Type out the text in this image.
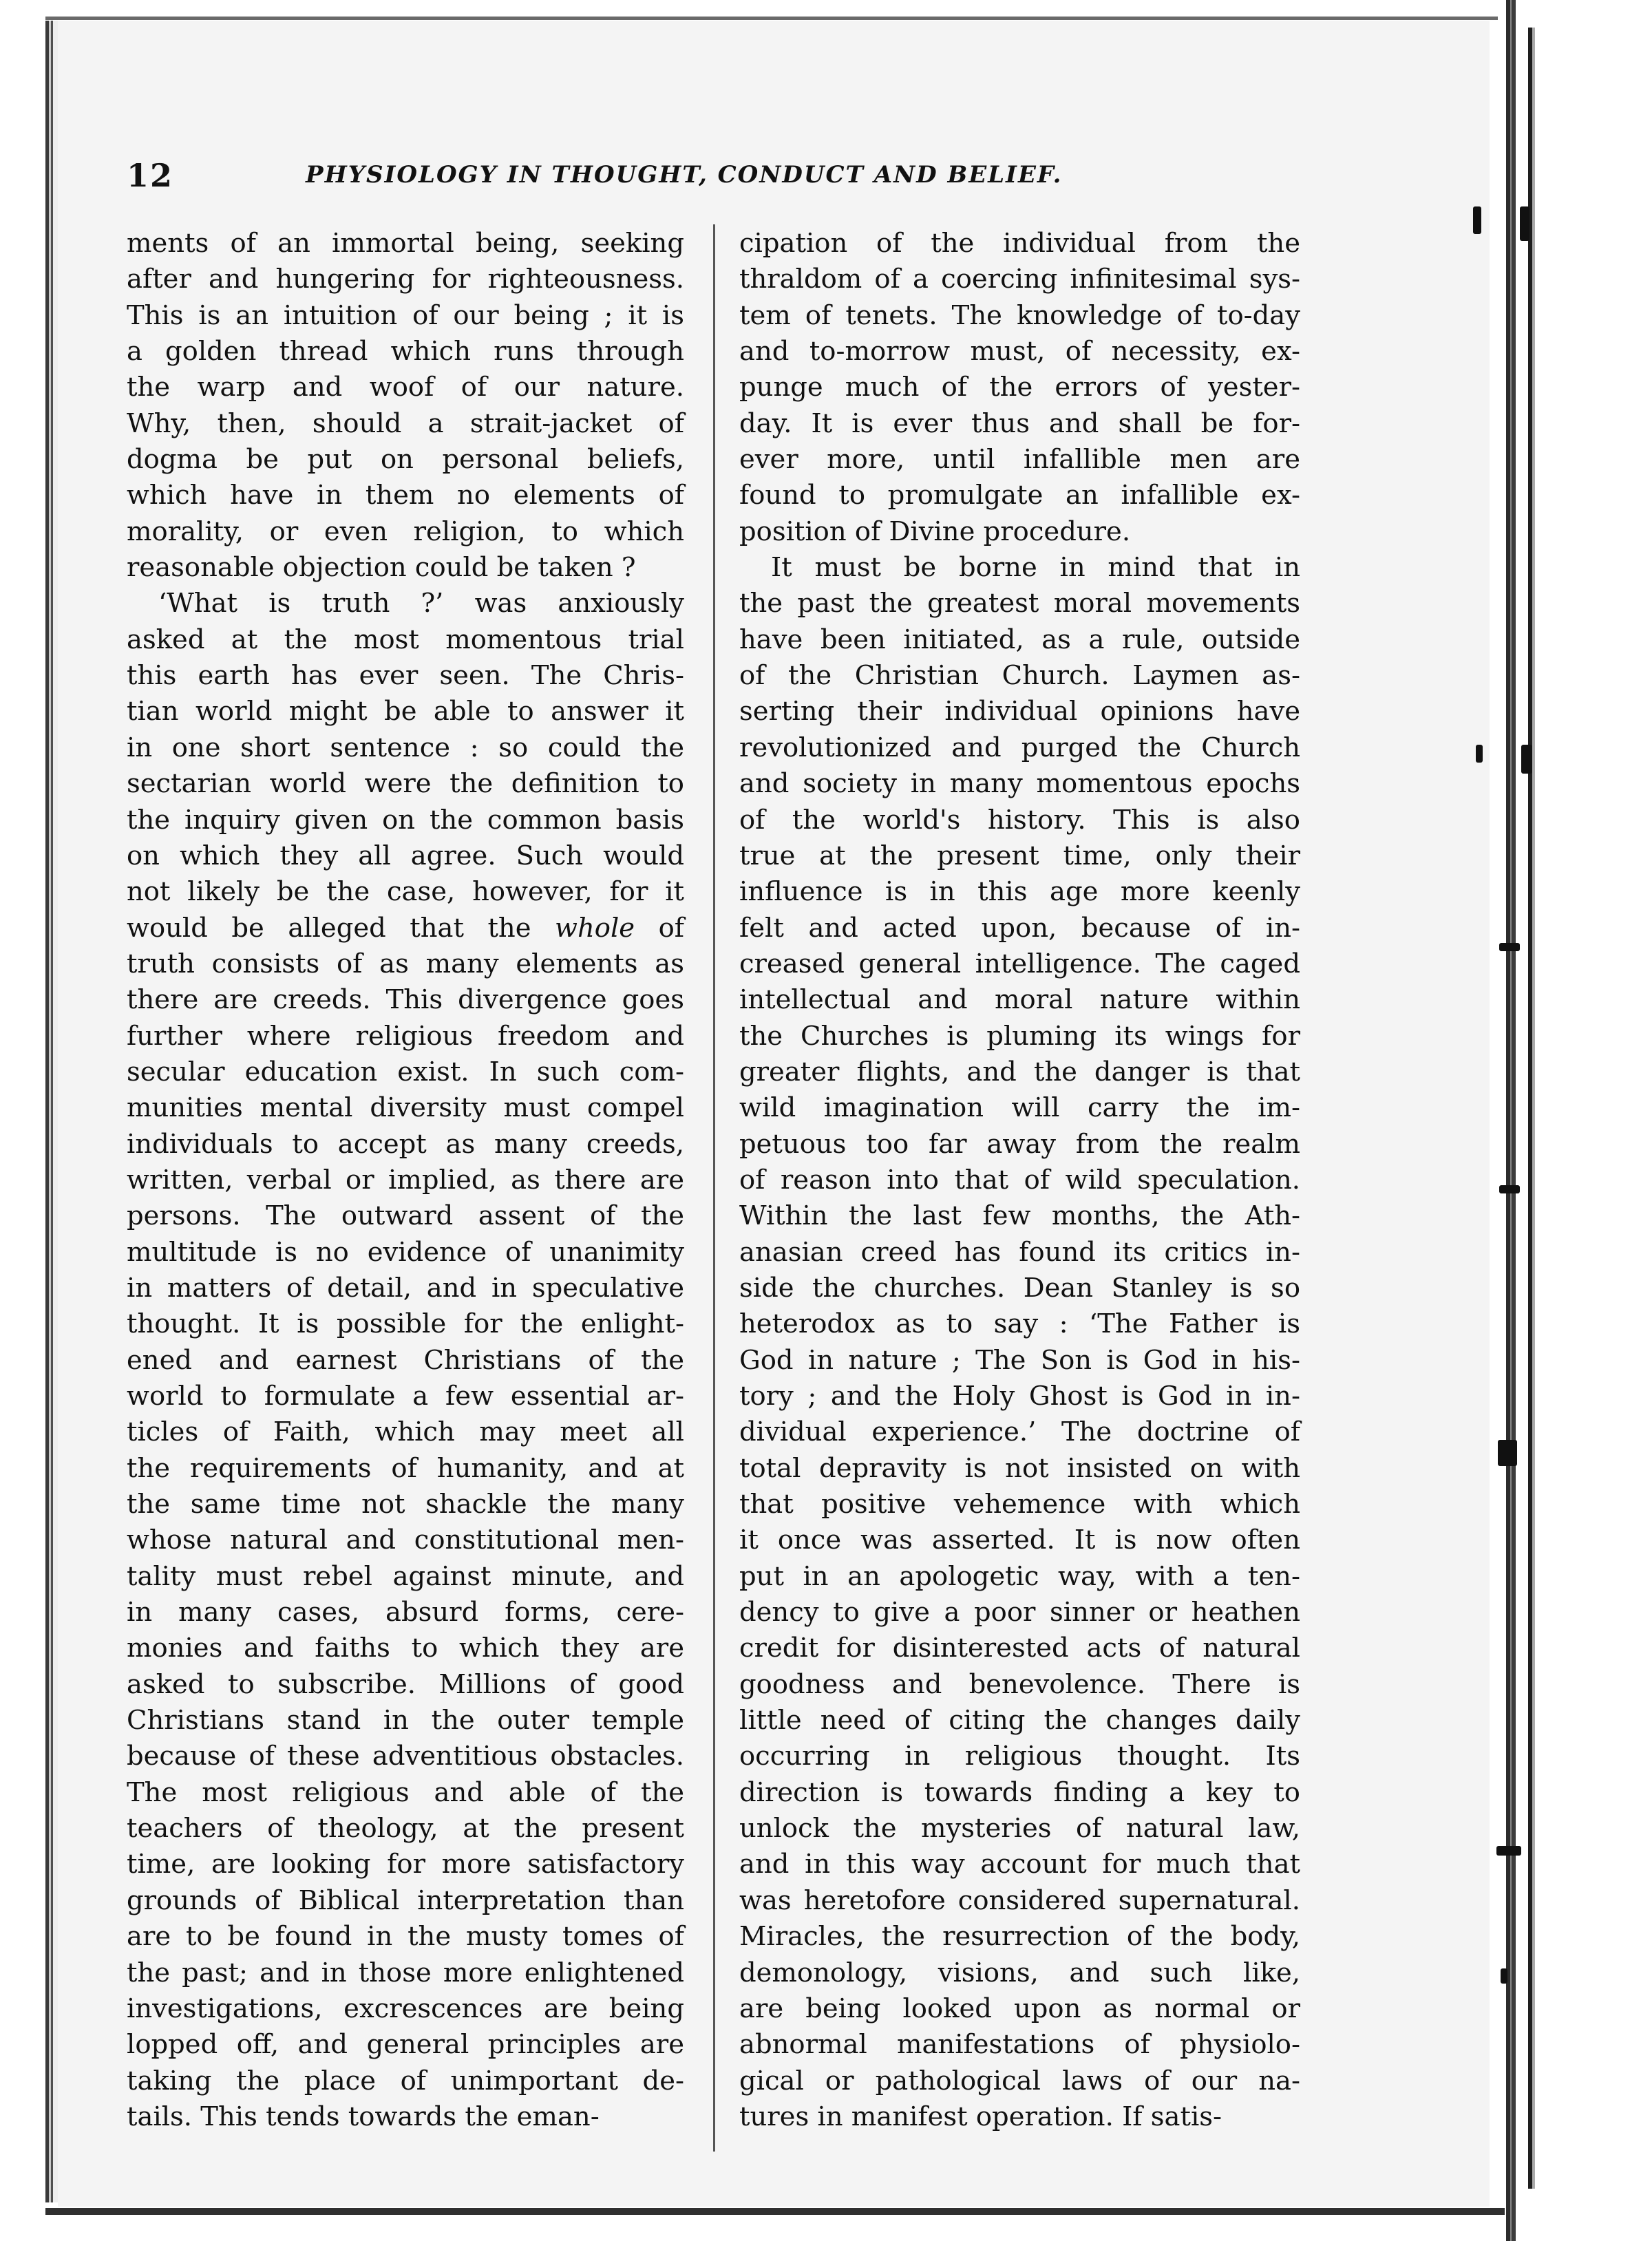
12	PHYSIOLOGY IN THOUGHT, CONDUCT AND BELIEF.
ments of an immortal being, seeking
after and hungering for righteousness.
This is an intuition of our being ; it is
a golden thread which runs through
the warp and woof of our nature.
Why, then, should a strait-jacket of
dogma be put on personal beliefs,
which have in them no elements of
morality, or even religion, to which
reasonable objection could be taken ?
‘What is truth ?’ was anxiously
asked at the most momentous trial
this earth has ever seen. The Chris-
tian world might be able to answer it
in one short sentence : so could the
sectarian world were the definition to
the inquiry given on the common basis
on which they all agree. Such would
not likely be the case, however, for it
would be alleged that the whole of
truth consists of as many elements as
there are creeds. This divergence goes
further where religious freedom and
secular education exist. In such com-
munities mental diversity must compel
individuals to accept as many creeds,
written, verbal or implied, as there are
persons. The outward assent of the
multitude is no evidence of unanimity
in matters of detail, and in speculative
thought. It is possible for the enlight-
ened and earnest Christians of the
world to formulate a few essential ar-
ticles of Faith, which may meet all
the requirements of humanity, and at
the same time not shackle the many
whose natural and constitutional men-
tality must rebel against minute, and
in many cases, absurd forms, cere-
monies and faiths to which they are
asked to subscribe. Millions of good
Christians stand in the outer temple
because of these adventitious obstacles.
The most religious and able of the
teachers of theology, at the present
time, are looking for more satisfactory
grounds of Biblical interpretation than
are to be found in the musty tomes of
the past; and in those more enlightened
investigations, excrescences are being
lopped off, and general principles are
taking the place of unimportant de-
tails. This tends towards the eman-
cipation of the individual from the
thraldom of a coercing infinitesimal sys-
tem of tenets. The knowledge of to-day
and to-morrow must, of necessity, ex-
punge much of the errors of yester-
day. It is ever thus and shall be for-
ever more, until infallible men are
found to promulgate an infallible ex-
position of Divine procedure.
It must be borne in mind that in
the past the greatest moral movements
have been initiated, as a rule, outside
of the Christian Church. Laymen as-
serting their individual opinions have
revolutionized and purged the Church
and society in many momentous epochs
of the world's history. This is also
true at the present time, only their
influence is in this age more keenly
felt and acted upon, because of in-
creased general intelligence. The caged
intellectual and moral nature within
the Churches is pluming its wings for
greater flights, and the danger is that
wild imagination will carry the im-
petuous too far away from the realm
of reason into that of wild speculation.
Within the last few months, the Ath-
anasian creed has found its critics in-
side the churches. Dean Stanley is so
heterodox as to say : ‘The Father is
God in nature ; The Son is God in his-
tory ; and the Holy Ghost is God in in-
dividual experience.’ The doctrine of
total depravity is not insisted on with
that positive vehemence with which
it once was asserted. It is now often
put in an apologetic way, with a ten-
dency to give a poor sinner or heathen
credit for disinterested acts of natural
goodness and benevolence. There is
little need of citing the changes daily
occurring in religious thought. Its
direction is towards finding a key to
unlock the mysteries of natural law,
and in this way account for much that
was heretofore considered supernatural.
Miracles, the resurrection of the body,
demonology, visions, and such like,
are being looked upon as normal or
abnormal manifestations of physiolo-
gical or pathological laws of our na-
tures in manifest operation. If satis-
